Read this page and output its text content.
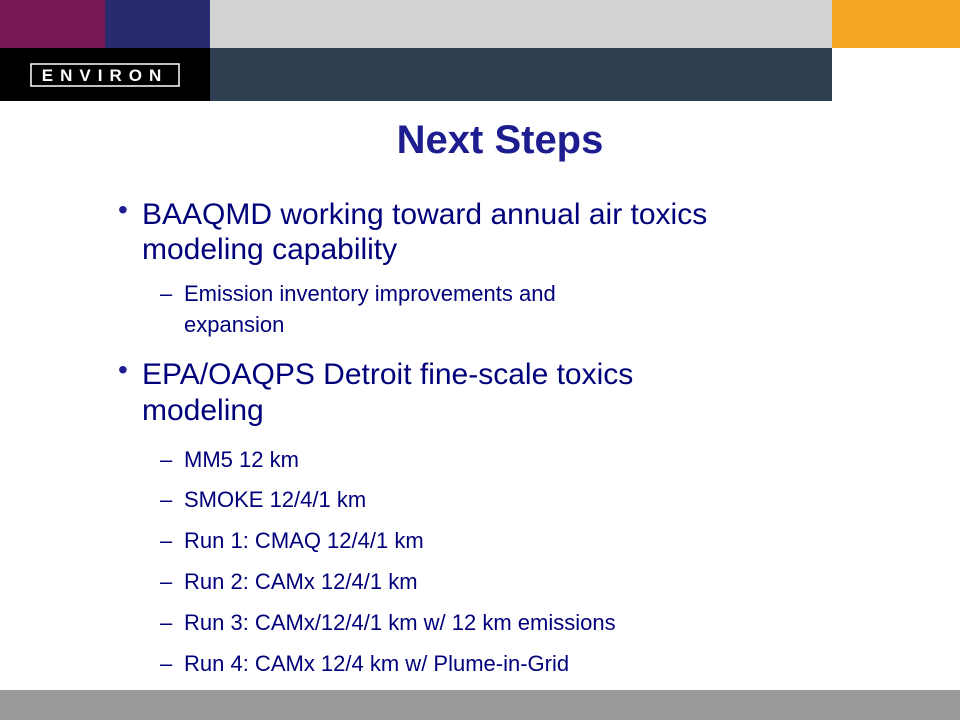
ENVIRON
Next Steps
• BAAQMD working toward annual air toxics
modeling capability
– Emission inventory improvements and
expansion
• EPA/OAQPS Detroit fine-scale toxics
modeling
– MM5 12 km
– SMOKE 12/4/1 km
– Run 1: CMAQ 12/4/1 km
– Run 2: CAMx 12/4/1 km
– Run 3: CAMx/12/4/1 km w/ 12 km emissions
– Run 4: CAMx 12/4 km w/ Plume-in-Grid
